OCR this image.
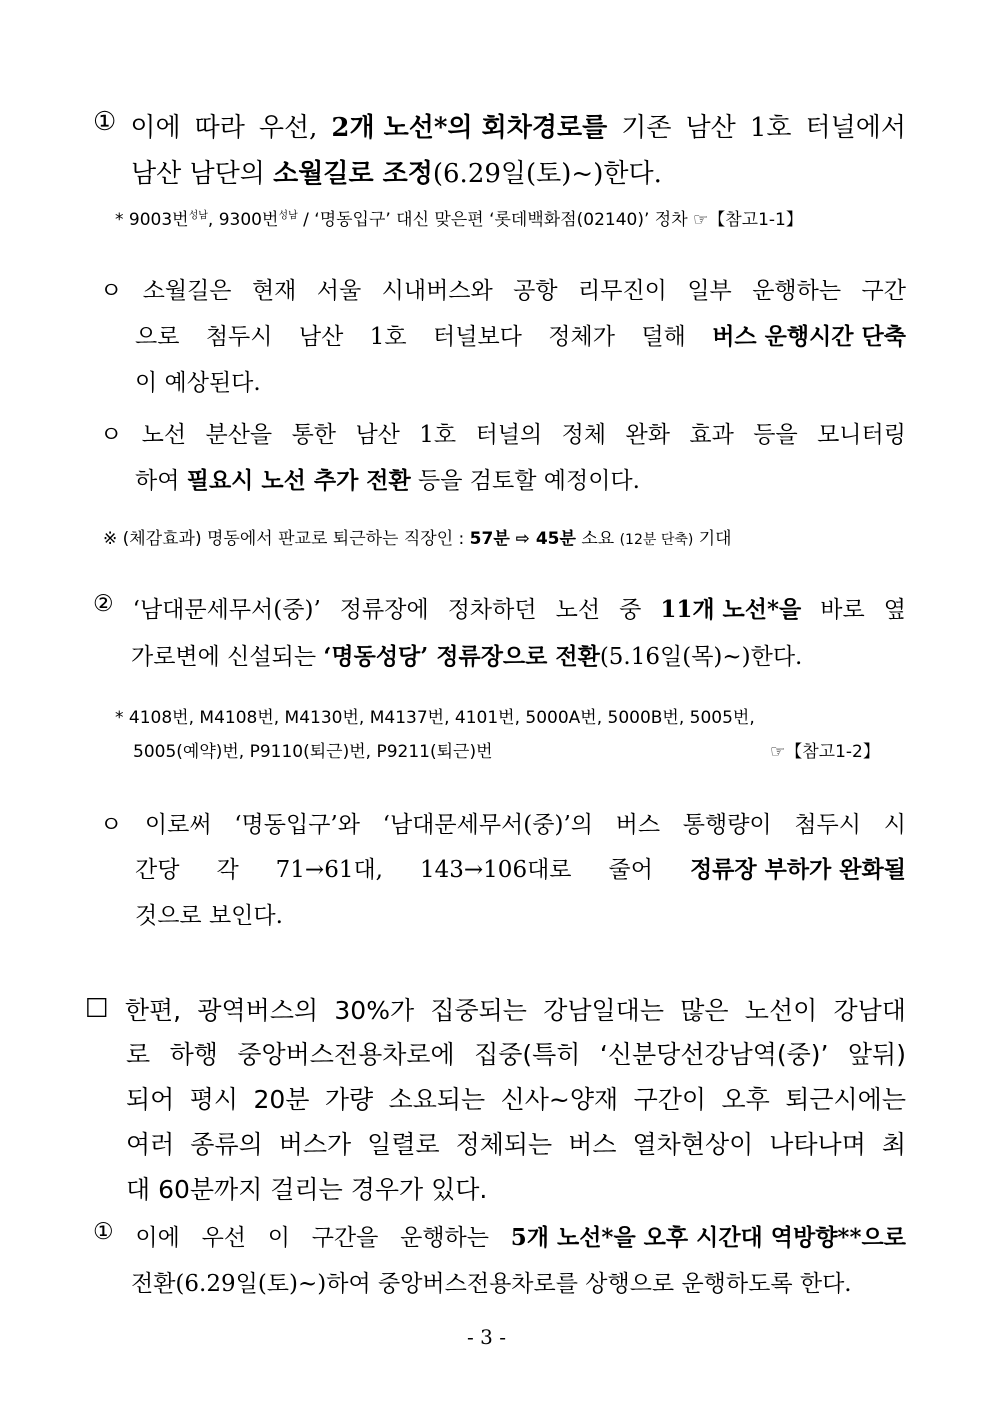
① 이에 따라 우선, 2개 노선*의 회차경로를 기존 남산 1호 터널에서
남산 남단의 소월길로 조정(6.29일(토)~)한다.
* 9003번$^{성남}$, 9300번$^{성남}$ / ‘명동입구’ 대신 맞은편 ‘롯데백화점(02140)’ 정차 ☞【참고1-1】
ㅇ 소월길은 현재 서울 시내버스와 공항 리무진이 일부 운행하는 구간
으로 첨두시 남산 1호 터널보다 정체가 덜해 버스 운행시간 단축
이 예상된다.
ㅇ 노선 분산을 통한 남산 1호 터널의 정체 완화 효과 등을 모니터링
하여 필요시 노선 추가 전환 등을 검토할 예정이다.
※ (체감효과) 명동에서 판교로 퇴근하는 직장인 : 57분 ⇨ 45분 소요 (12분 단축) 기대
② ‘남대문세무서(중)’ 정류장에 정차하던 노선 중 11개 노선*을 바로 옆
가로변에 신설되는 ‘명동성당’ 정류장으로 전환(5.16일(목)~)한다.
* 4108번, M4108번, M4130번, M4137번, 4101번, 5000A번, 5000B번, 5005번,
5005(예약)번, P9110(퇴근)번, P9211(퇴근)번	☞【참고1-2】
ㅇ 이로써 ‘명동입구’와 ‘남대문세무서(중)’의 버스 통행량이 첨두시 시
간당 각 71→61대, 143→106대로 줄어 정류장 부하가 완화될
것으로 보인다.
□ 한편, 광역버스의 30%가 집중되는 강남일대는 많은 노선이 강남대
로 하행 중앙버스전용차로에 집중(특히 ‘신분당선강남역(중)’ 앞뒤)
되어 평시 20분 가량 소요되는 신사~양재 구간이 오후 퇴근시에는
여러 종류의 버스가 일렬로 정체되는 버스 열차현상이 나타나며 최
대 60분까지 걸리는 경우가 있다.
① 이에 우선 이 구간을 운행하는 5개 노선*을 오후 시간대 역방향**으로
전환(6.29일(토)~)하여 중앙버스전용차로를 상행으로 운행하도록 한다.
- 3 -
